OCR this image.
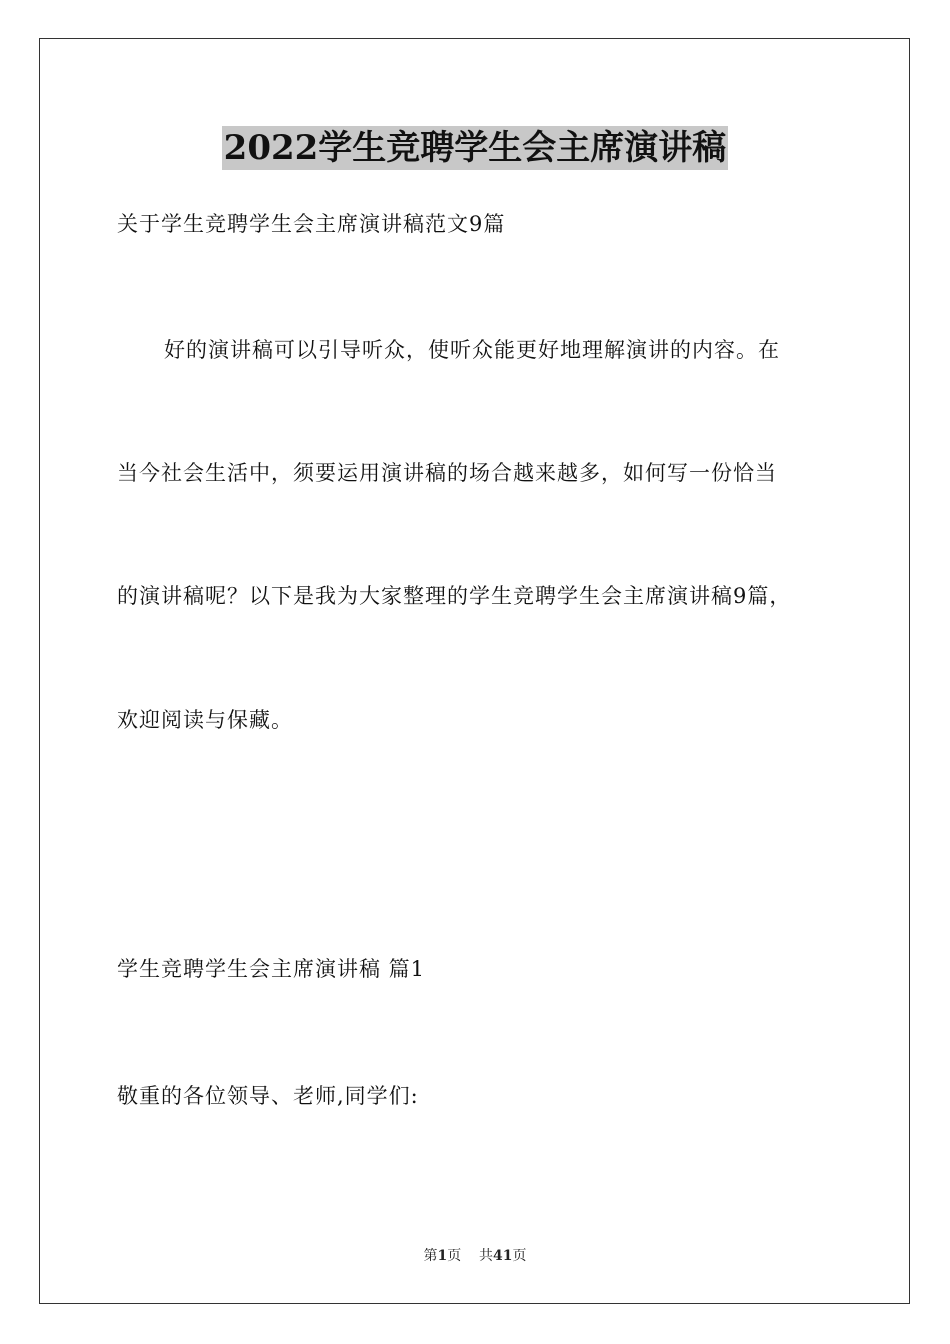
2022学生竞聘学生会主席演讲稿
关于学生竞聘学生会主席演讲稿范文9篇
好的演讲稿可以引导听众，使听众能更好地理解演讲的内容。在
当今社会生活中，须要运用演讲稿的场合越来越多，如何写一份恰当
的演讲稿呢？以下是我为大家整理的学生竞聘学生会主席演讲稿9篇，
欢迎阅读与保藏。
学生竞聘学生会主席演讲稿 篇1
敬重的各位领导、老师,同学们:
第1页 共41页
